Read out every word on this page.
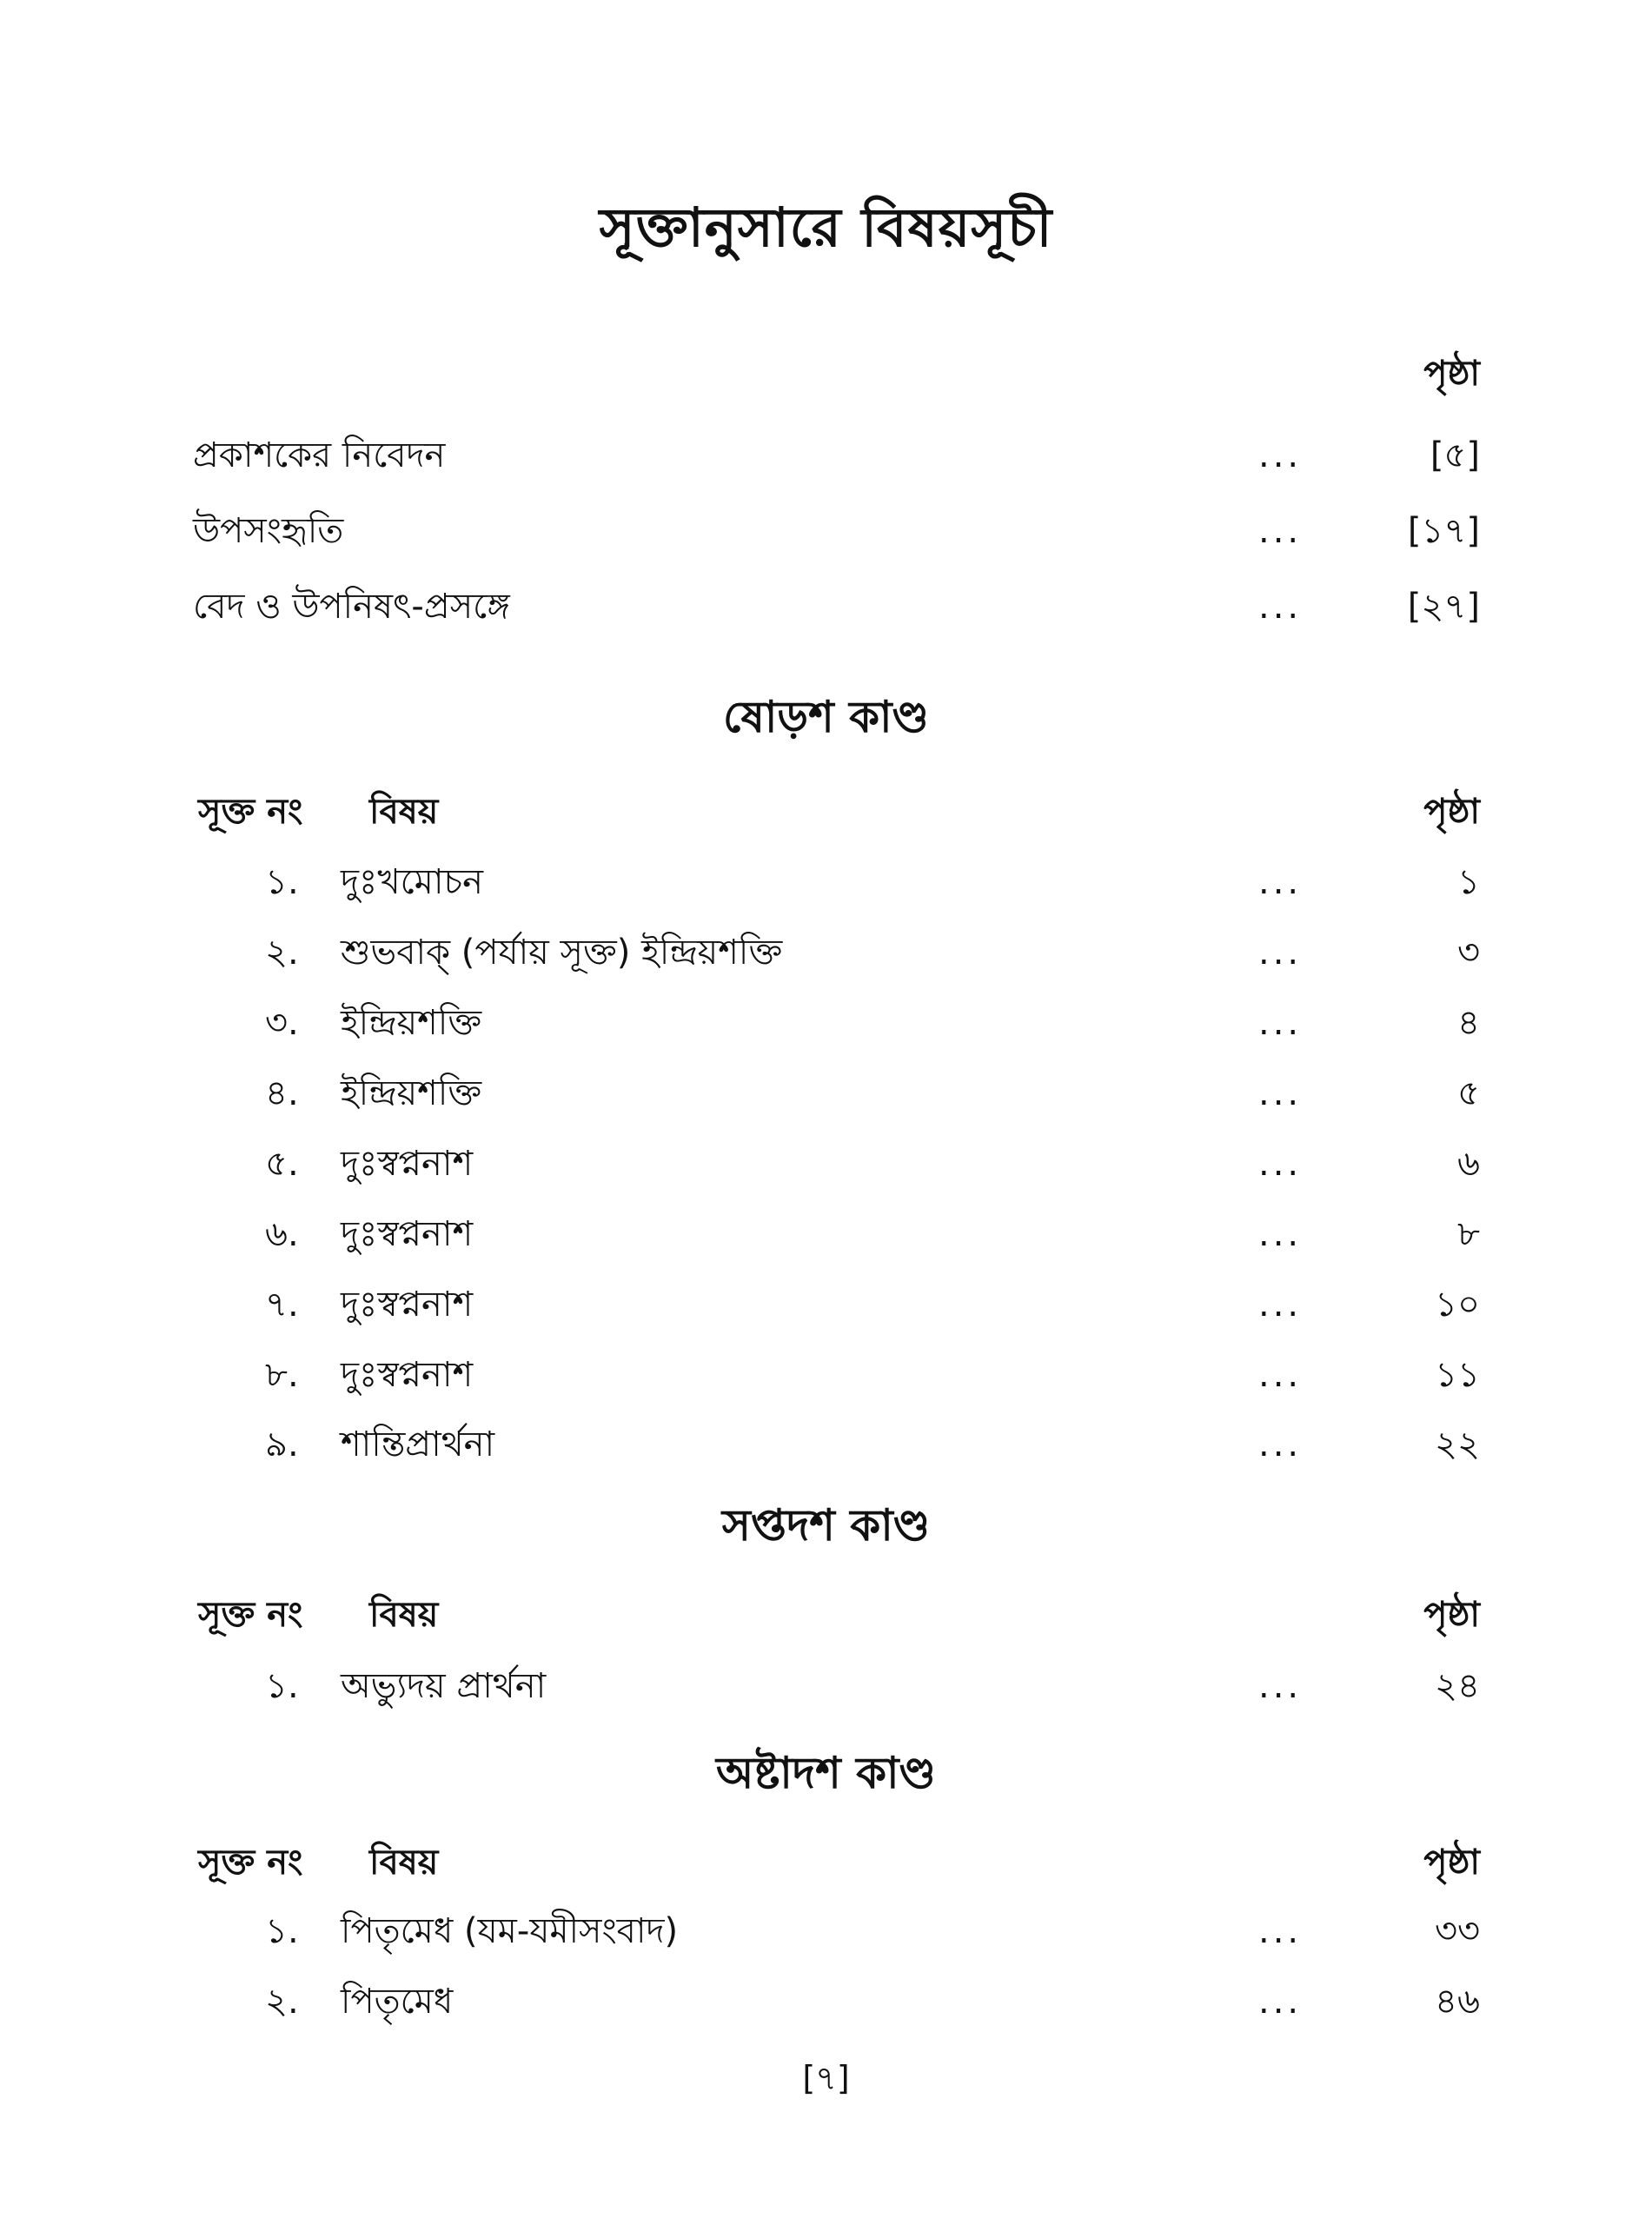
সূক্তানুসারে বিষয়সূচী
পৃষ্ঠা
প্রকাশকের নিবেদন	...	[৫]
উপসংহৃতি	...	[১৭]
বেদ ও উপনিষৎ-প্রসঙ্গে	...	[২৭]
ষোড়শ কাণ্ড
সূক্ত নং বিষয়	পৃষ্ঠা
১. দুঃখমোচন	...	১
২. শুভবাক্ (পর্যায় সূক্ত) ইন্দ্রিয়শক্তি	...	৩
৩. ইন্দ্রিয়শক্তি	...	৪
৪. ইন্দ্রিয়শক্তি	...	৫
৫. দুঃস্বপ্ননাশ	...	৬
৬. দুঃস্বপ্ননাশ	...	৮
৭. দুঃস্বপ্ননাশ	...	১০
৮. দুঃস্বপ্ননাশ	...	১১
৯. শান্তিপ্রার্থনা	...	২২
সপ্তদশ কাণ্ড
সূক্ত নং বিষয়	পৃষ্ঠা
১. অভ্যুদয় প্রার্থনা	...	২৪
অষ্টাদশ কাণ্ড
সূক্ত নং বিষয়	পৃষ্ঠা
১. পিতৃমেধ (যম-যমীসংবাদ)	...	৩৩
২. পিতৃমেধ	...	৪৬
[৭]
